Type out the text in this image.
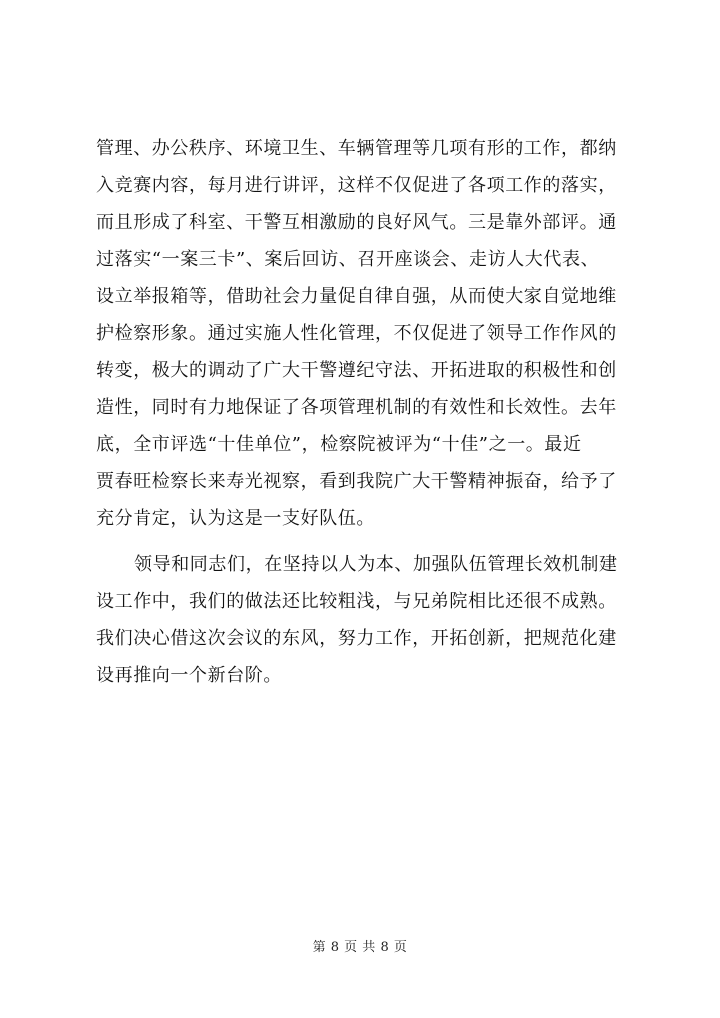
管理、办公秩序、环境卫生、车辆管理等几项有形的工作，都纳
入竞赛内容，每月进行讲评，这样不仅促进了各项工作的落实，
而且形成了科室、干警互相激励的良好风气。三是靠外部评。通
过落实“一案三卡”、案后回访、召开座谈会、走访人大代表、
设立举报箱等，借助社会力量促自律自强，从而使大家自觉地维
护检察形象。通过实施人性化管理，不仅促进了领导工作作风的
转变，极大的调动了广大干警遵纪守法、开拓进取的积极性和创
造性，同时有力地保证了各项管理机制的有效性和长效性。去年
底，全市评选“十佳单位”，检察院被评为“十佳”之一。最近
贾春旺检察长来寿光视察，看到我院广大干警精神振奋，给予了
充分肯定，认为这是一支好队伍。
领导和同志们，在坚持以人为本、加强队伍管理长效机制建
设工作中，我们的做法还比较粗浅，与兄弟院相比还很不成熟。
我们决心借这次会议的东风，努力工作，开拓创新，把规范化建
设再推向一个新台阶。
第 8 页 共 8 页
